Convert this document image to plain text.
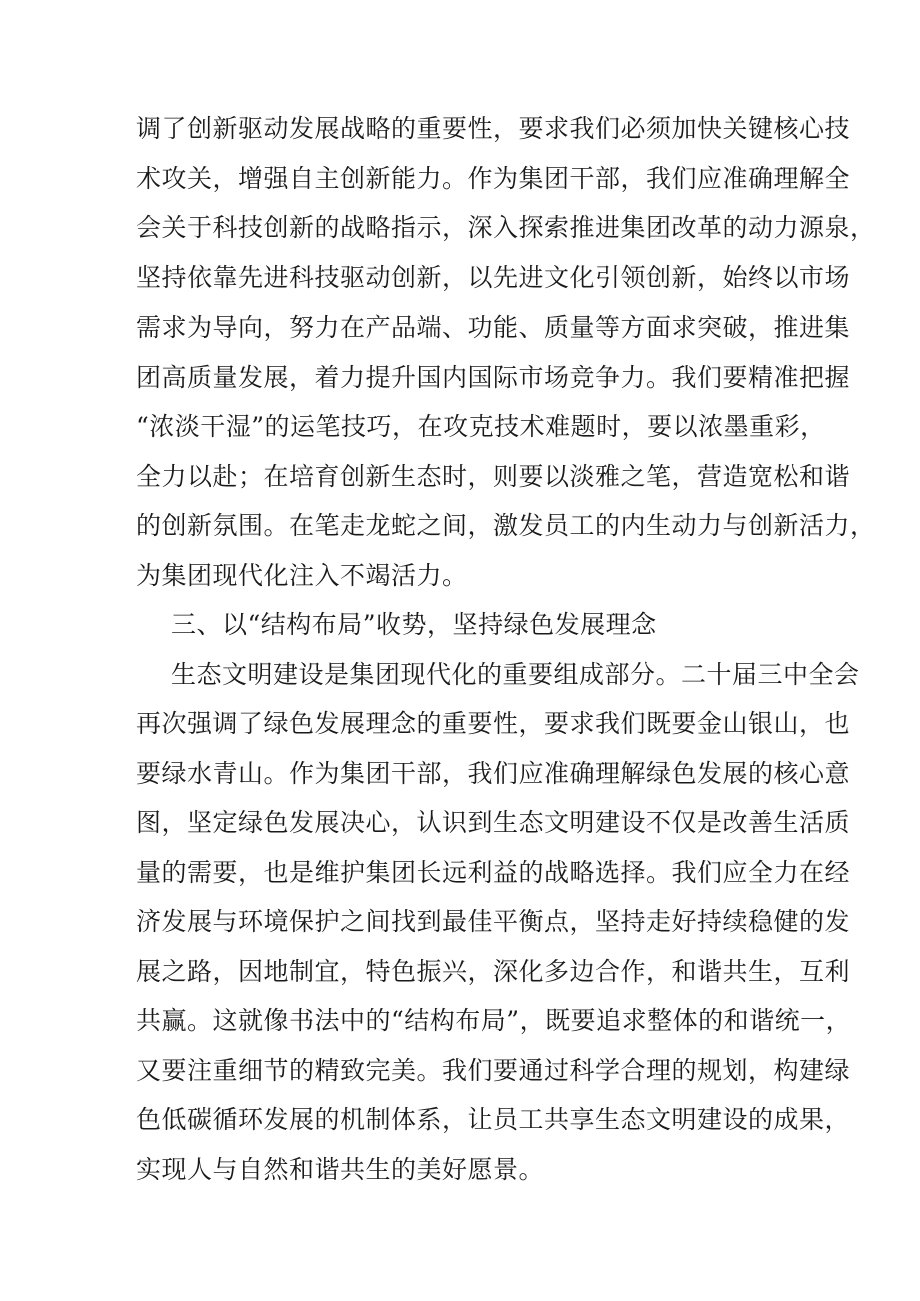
调了创新驱动发展战略的重要性，要求我们必须加快关键核心技
术攻关，增强自主创新能力。作为集团干部，我们应准确理解全
会关于科技创新的战略指示，深入探索推进集团改革的动力源泉，
坚持依靠先进科技驱动创新，以先进文化引领创新，始终以市场
需求为导向，努力在产品端、功能、质量等方面求突破，推进集
团高质量发展，着力提升国内国际市场竞争力。我们要精准把握
“浓淡干湿”的运笔技巧，在攻克技术难题时，要以浓墨重彩，
全力以赴；在培育创新生态时，则要以淡雅之笔，营造宽松和谐
的创新氛围。在笔走龙蛇之间，激发员工的内生动力与创新活力，
为集团现代化注入不竭活力。
三、以“结构布局”收势，坚持绿色发展理念
生态文明建设是集团现代化的重要组成部分。二十届三中全会
再次强调了绿色发展理念的重要性，要求我们既要金山银山，也
要绿水青山。作为集团干部，我们应准确理解绿色发展的核心意
图，坚定绿色发展决心，认识到生态文明建设不仅是改善生活质
量的需要，也是维护集团长远利益的战略选择。我们应全力在经
济发展与环境保护之间找到最佳平衡点，坚持走好持续稳健的发
展之路，因地制宜，特色振兴，深化多边合作，和谐共生，互利
共赢。这就像书法中的“结构布局”，既要追求整体的和谐统一，
又要注重细节的精致完美。我们要通过科学合理的规划，构建绿
色低碳循环发展的机制体系，让员工共享生态文明建设的成果，
实现人与自然和谐共生的美好愿景。
